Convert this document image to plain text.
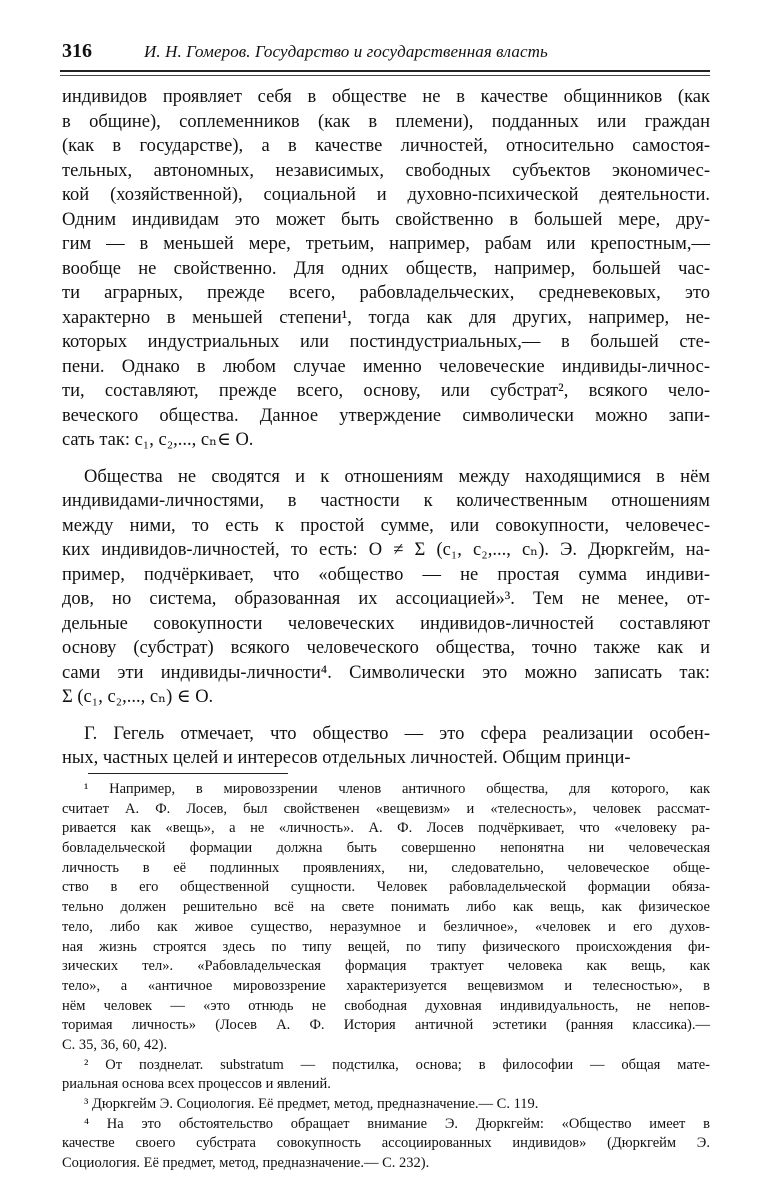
316	И. Н. Гомеров. Государство и государственная власть
индивидов проявляет себя в обществе не в качестве общинников (как
в общине), соплеменников (как в племени), подданных или граждан
(как в государстве), а в качестве личностей, относительно самостоя-
тельных, автономных, независимых, свободных субъектов экономичес-
кой (хозяйственной), социальной и духовно-психической деятельности.
Одним индивидам это может быть свойственно в большей мере, дру-
гим — в меньшей мере, третьим, например, рабам или крепостным,—
вообще не свойственно. Для одних обществ, например, большей час-
ти аграрных, прежде всего, рабовладельческих, средневековых, это
характерно в меньшей степени¹, тогда как для других, например, не-
которых индустриальных или постиндустриальных,— в большей сте-
пени. Однако в любом случае именно человеческие индивиды-личнос-
ти, составляют, прежде всего, основу, или субстрат², всякого чело-
веческого общества. Данное утверждение символически можно запи-
сать так: c₁, c₂,..., cₙ∈ O.
Общества не сводятся и к отношениям между находящимися в нём
индивидами-личностями, в частности к количественным отношениям
между ними, то есть к простой сумме, или совокупности, человечес-
ких индивидов-личностей, то есть: O ≠ Σ (c₁, c₂,..., cₙ). Э. Дюркгейм, на-
пример, подчёркивает, что «общество — не простая сумма индиви-
дов, но система, образованная их ассоциацией»³. Тем не менее, от-
дельные совокупности человеческих индивидов-личностей составляют
основу (субстрат) всякого человеческого общества, точно также как и
сами эти индивиды-личности⁴. Символически это можно записать так:
Σ (c₁, c₂,..., cₙ) ∈ O.
Г. Гегель отмечает, что общество — это сфера реализации особен-
ных, частных целей и интересов отдельных личностей. Общим принци-
¹ Например, в мировоззрении членов античного общества, для которого, как
считает А. Ф. Лосев, был свойственен «вещевизм» и «телесность», человек рассмат-
ривается как «вещь», а не «личность». А. Ф. Лосев подчёркивает, что «человеку ра-
бовладельческой формации должна быть совершенно непонятна ни человеческая
личность в её подлинных проявлениях, ни, следовательно, человеческое обще-
ство в его общественной сущности. Человек рабовладельческой формации обяза-
тельно должен решительно всё на свете понимать либо как вещь, как физическое
тело, либо как живое существо, неразумное и безличное», «человек и его духов-
ная жизнь строятся здесь по типу вещей, по типу физического происхождения фи-
зических тел». «Рабовладельческая формация трактует человека как вещь, как
тело», а «античное мировоззрение характеризуется вещевизмом и телесностью», в
нём человек — «это отнюдь не свободная духовная индивидуальность, не непов-
торимая личность» (Лосев А. Ф. История античной эстетики (ранняя классика).—
С. 35, 36, 60, 42).
² От позднелат. substratum — подстилка, основа; в философии — общая мате-
риальная основа всех процессов и явлений.
³ Дюркгейм Э. Социология. Её предмет, метод, предназначение.— С. 119.
⁴ На это обстоятельство обращает внимание Э. Дюркгейм: «Общество имеет в
качестве своего субстрата совокупность ассоциированных индивидов» (Дюркгейм Э.
Социология. Её предмет, метод, предназначение.— С. 232).
